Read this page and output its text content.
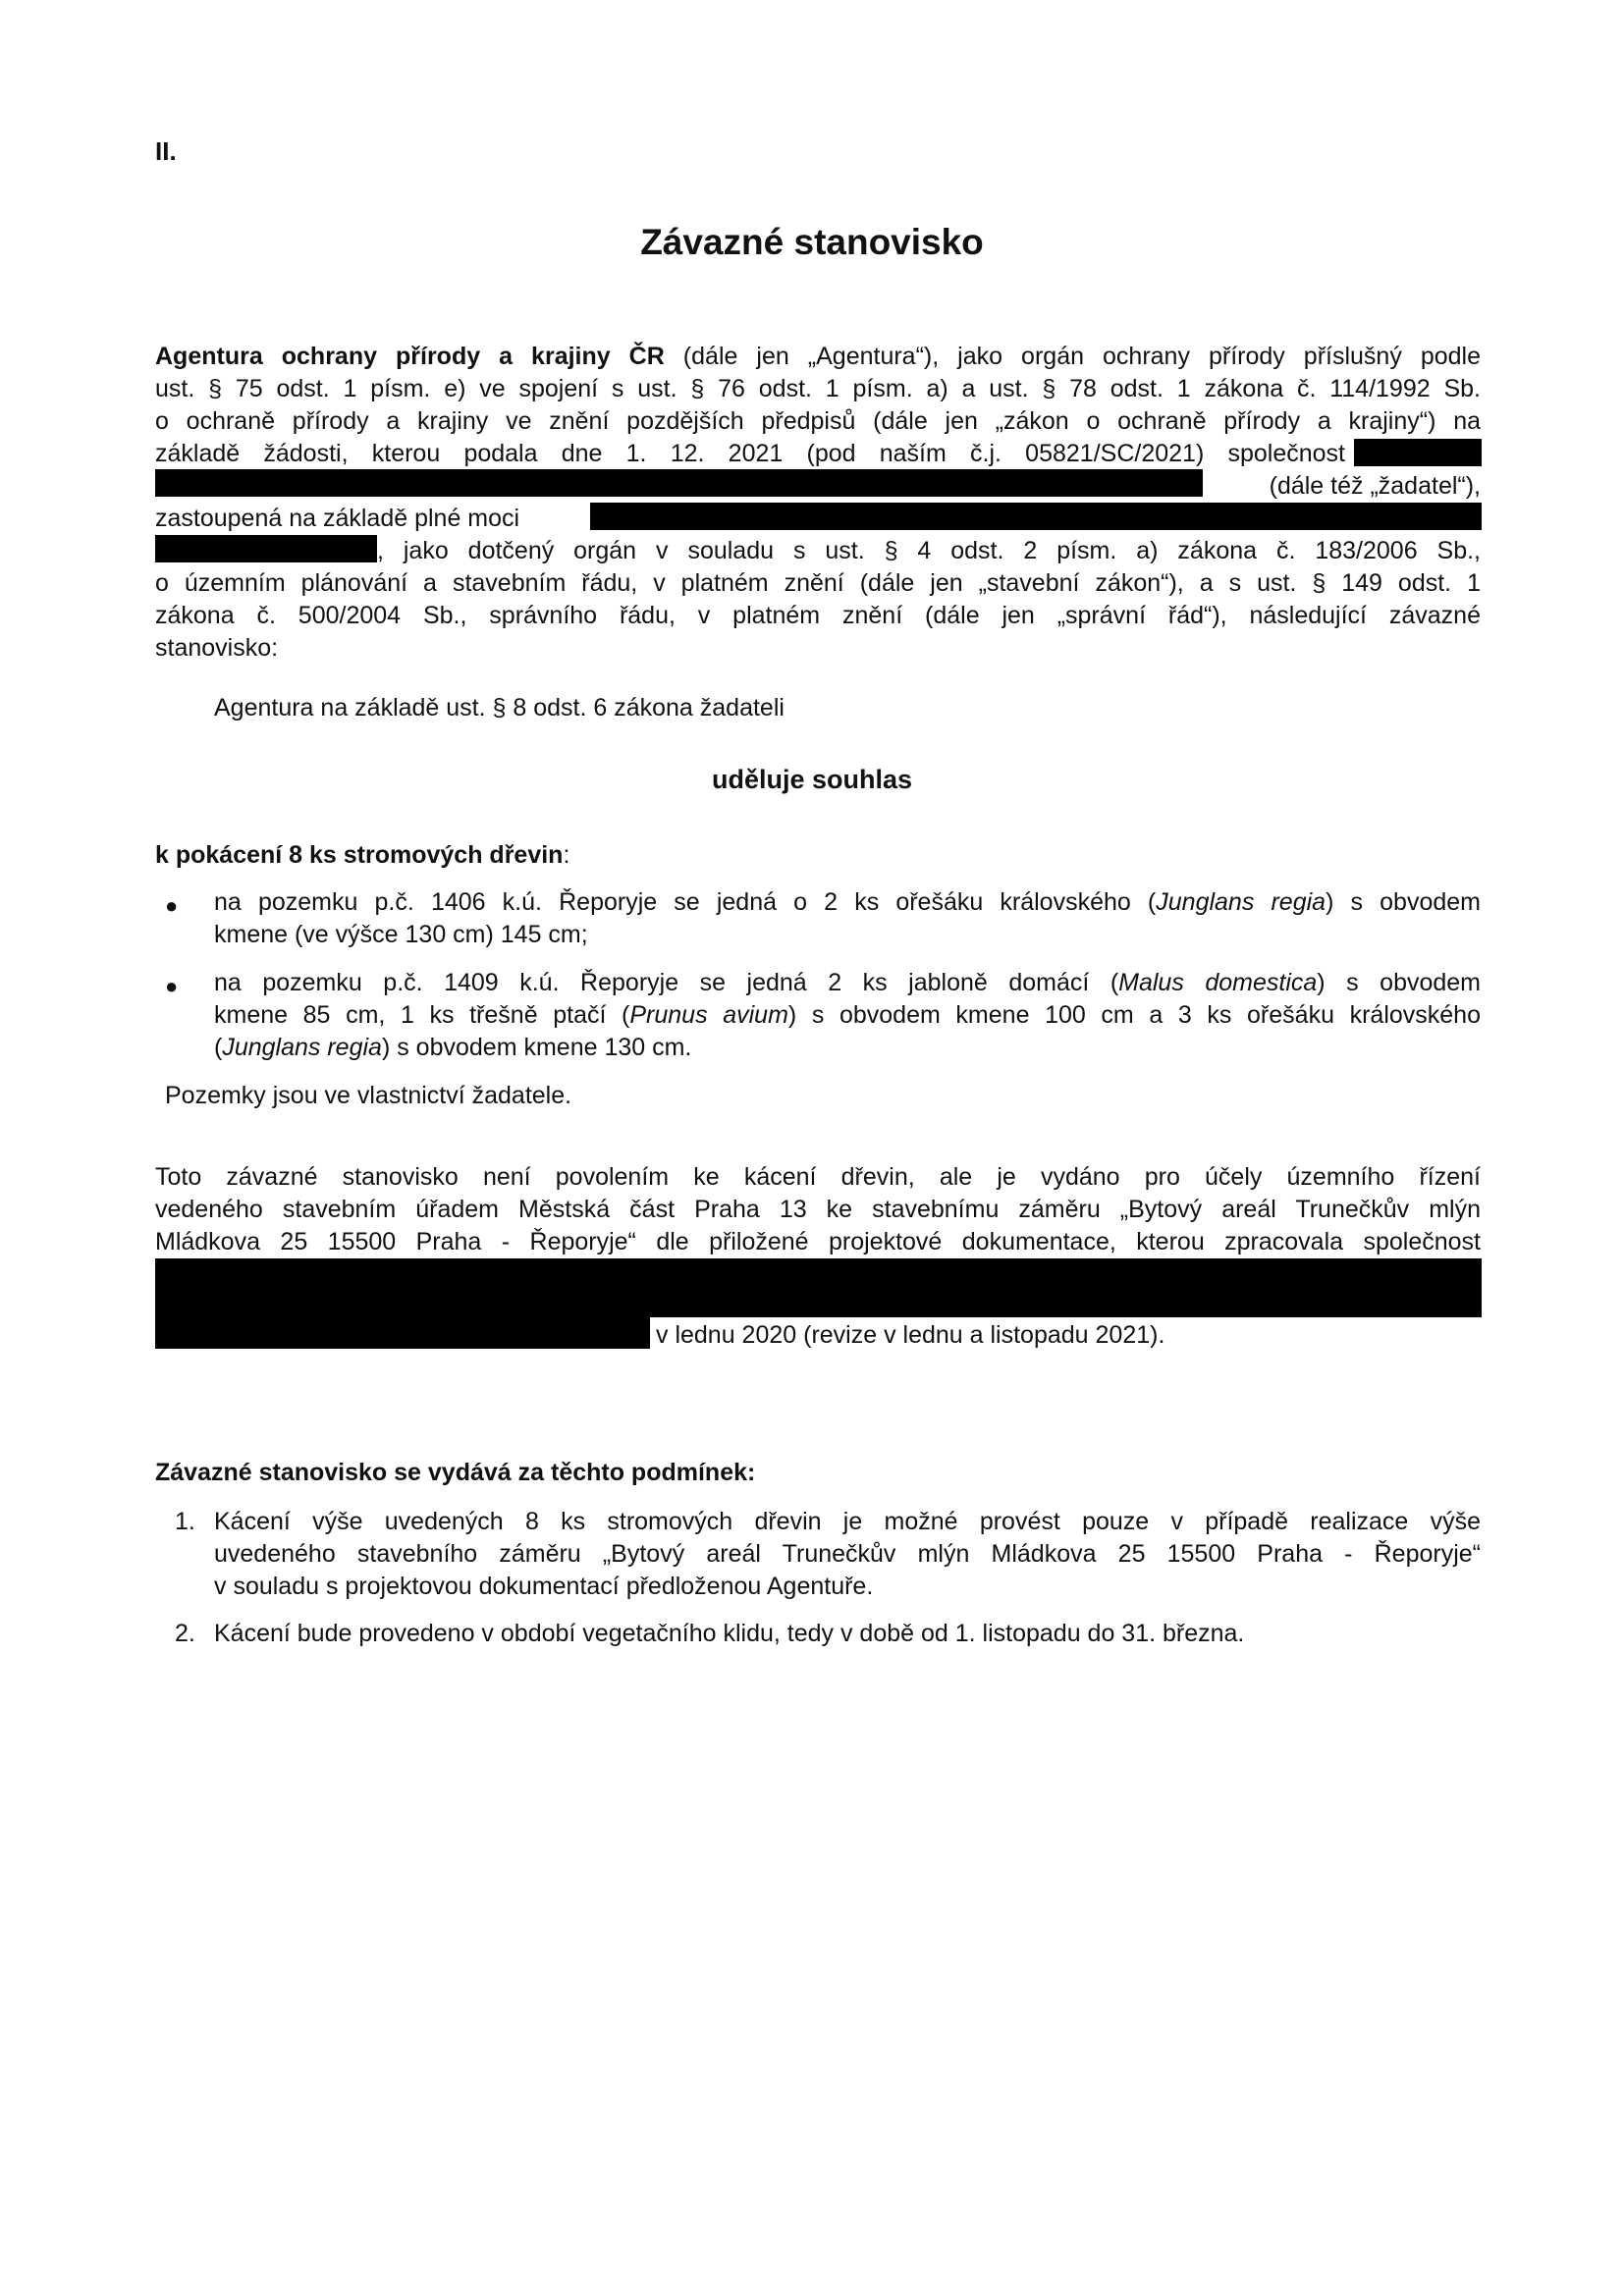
II.
Závazné stanovisko
Agentura ochrany přírody a krajiny ČR (dále jen „Agentura“), jako orgán ochrany přírody příslušný podle
ust. § 75 odst. 1 písm. e) ve spojení s ust. § 76 odst. 1 písm. a) a ust. § 78 odst. 1 zákona č. 114/1992 Sb.
o ochraně přírody a krajiny ve znění pozdějších předpisů (dále jen „zákon o ochraně přírody a krajiny“) na
základě žádosti, kterou podala dne 1. 12. 2021 (pod naším č.j. 05821/SC/2021) společnost
(dále též „žadatel“),
zastoupená na základě plné moci
, jako dotčený orgán v souladu s ust. § 4 odst. 2 písm. a) zákona č. 183/2006 Sb.,
o územním plánování a stavebním řádu, v platném znění (dále jen „stavební zákon“), a s ust. § 149 odst. 1
zákona č. 500/2004 Sb., správního řádu, v platném znění (dále jen „správní řád“), následující závazné
stanovisko:
Agentura na základě ust. § 8 odst. 6 zákona žadateli
uděluje souhlas
k pokácení 8 ks stromových dřevin:
● na pozemku p.č. 1406 k.ú. Řeporyje se jedná o 2 ks ořešáku královského (Junglans regia) s obvodem
kmene (ve výšce 130 cm) 145 cm;
● na pozemku p.č. 1409 k.ú. Řeporyje se jedná 2 ks jabloně domácí (Malus domestica) s obvodem
kmene 85 cm, 1 ks třešně ptačí (Prunus avium) s obvodem kmene 100 cm a 3 ks ořešáku královského
(Junglans regia) s obvodem kmene 130 cm.
Pozemky jsou ve vlastnictví žadatele.
Toto závazné stanovisko není povolením ke kácení dřevin, ale je vydáno pro účely územního řízení
vedeného stavebním úřadem Městská část Praha 13 ke stavebnímu záměru „Bytový areál Trunečkův mlýn
Mládkova 25 15500 Praha - Řeporyje“ dle přiložené projektové dokumentace, kterou zpracovala společnost
v lednu 2020 (revize v lednu a listopadu 2021).
Závazné stanovisko se vydává za těchto podmínek:
1. Kácení výše uvedených 8 ks stromových dřevin je možné provést pouze v případě realizace výše
uvedeného stavebního záměru „Bytový areál Trunečkův mlýn Mládkova 25 15500 Praha - Řeporyje“
v souladu s projektovou dokumentací předloženou Agentuře.
2. Kácení bude provedeno v období vegetačního klidu, tedy v době od 1. listopadu do 31. března.
